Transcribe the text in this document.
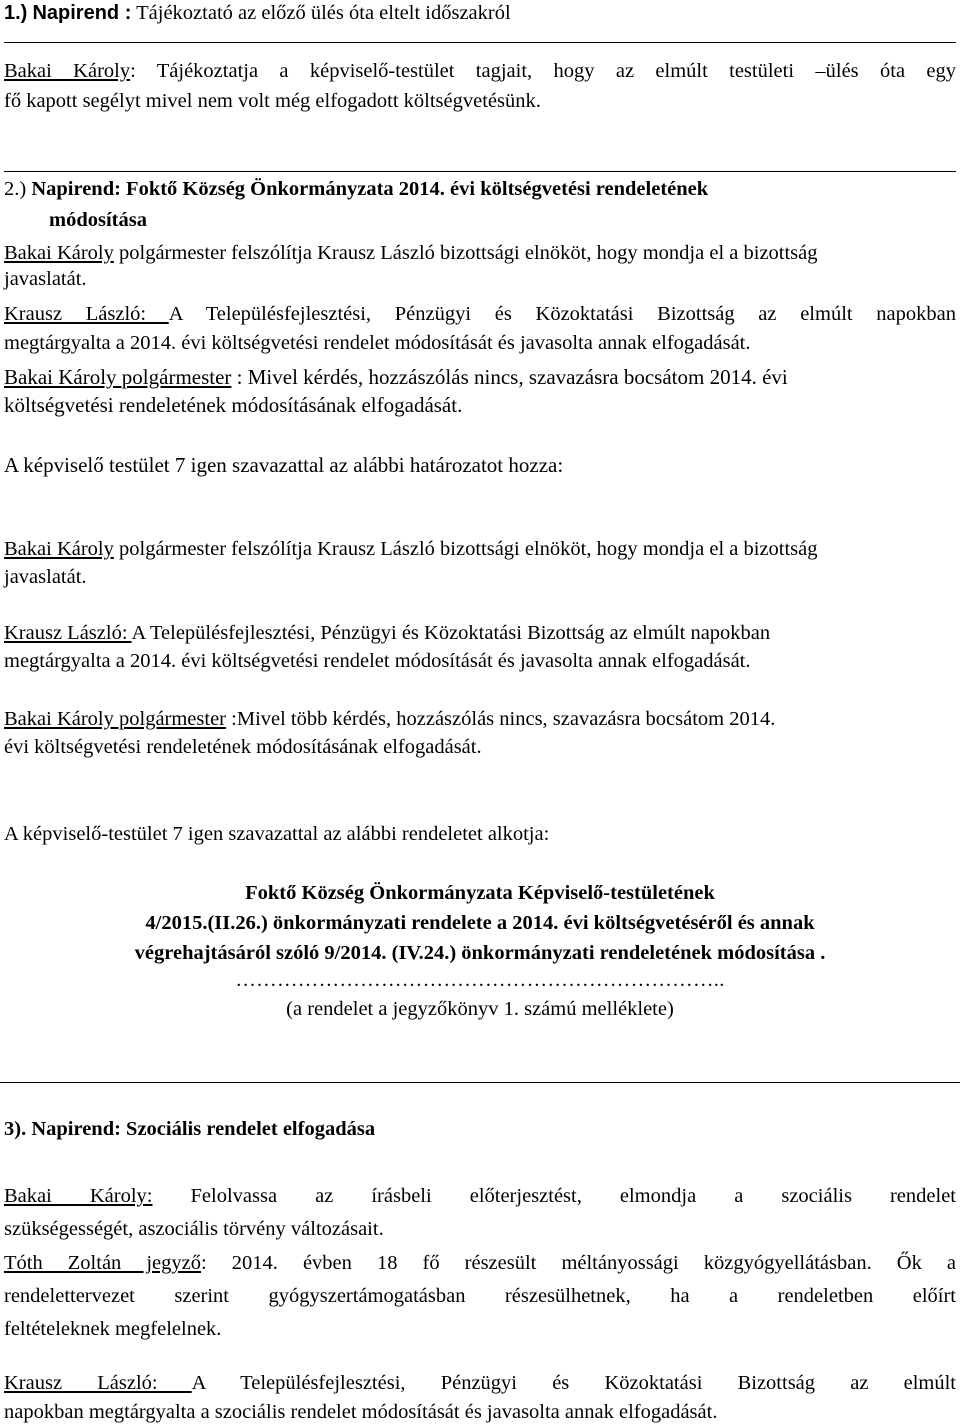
1.) Napirend : Tájékoztató az előző ülés óta eltelt időszakról

Bakai Károly: Tájékoztatja a képviselő-testület tagjait, hogy az elmúlt testületi –ülés óta egy

fő kapott segélyt mivel nem volt még elfogadott költségvetésünk.

2.) Napirend: Foktő Község Önkormányzata 2014. évi költségvetési rendeletének

módosítása

Bakai Károly polgármester felszólítja Krausz László bizottsági elnököt, hogy mondja el a bizottság

javaslatát.

Krausz László: A Településfejlesztési, Pénzügyi és Közoktatási Bizottság az elmúlt napokban

megtárgyalta a 2014. évi költségvetési rendelet módosítását és javasolta annak elfogadását.

Bakai Károly polgármester : Mivel kérdés, hozzászólás nincs, szavazásra bocsátom 2014. évi

költségvetési rendeletének módosításának elfogadását.

A képviselő testület 7 igen szavazattal az alábbi határozatot hozza:

Bakai Károly polgármester felszólítja Krausz László bizottsági elnököt, hogy mondja el a bizottság

javaslatát.

Krausz László: A Településfejlesztési, Pénzügyi és Közoktatási Bizottság az elmúlt napokban

megtárgyalta a 2014. évi költségvetési rendelet módosítását és javasolta annak elfogadását.

Bakai Károly polgármester :Mivel több kérdés, hozzászólás nincs, szavazásra bocsátom 2014.

évi költségvetési rendeletének módosításának elfogadását.

A képviselő-testület 7 igen szavazattal az alábbi rendeletet alkotja:

Foktő Község Önkormányzata Képviselő-testületének

4/2015.(II.26.) önkormányzati rendelete a 2014. évi költségvetéséről és annak

végrehajtásáról szóló 9/2014. (IV.24.) önkormányzati rendeletének módosítása .

……………………………………………………………..

(a rendelet a jegyzőkönyv 1. számú melléklete)

3). Napirend: Szociális rendelet elfogadása

Bakai Károly: Felolvassa az írásbeli előterjesztést, elmondja a szociális rendelet

szükségességét, aszociális törvény változásait.

Tóth Zoltán jegyző: 2014. évben 18 fő részesült méltányossági közgyógyellátásban. Ők a

rendelettervezet szerint gyógyszertámogatásban részesülhetnek, ha a rendeletben előírt

feltételeknek megfelelnek.

Krausz László: A Településfejlesztési, Pénzügyi és Közoktatási Bizottság az elmúlt

napokban megtárgyalta a szociális rendelet módosítását és javasolta annak elfogadását.
